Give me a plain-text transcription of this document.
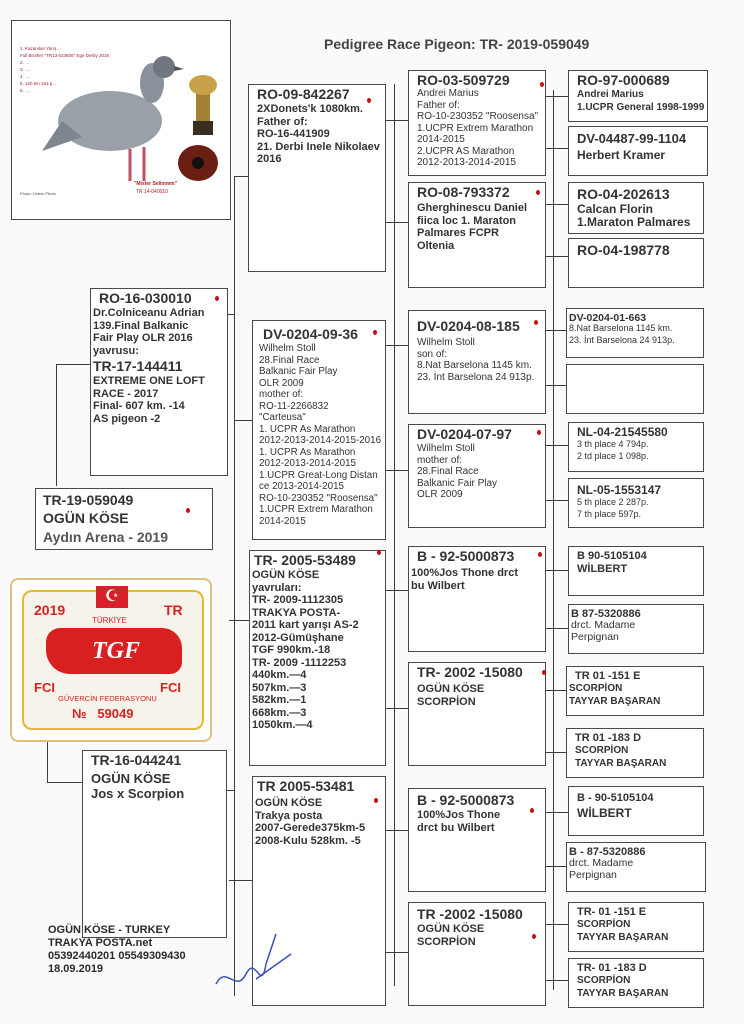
Pedigree Race Pigeon: TR- 2019-059049
1. Kazanılan Yarış…
Full Brother "TR13-023606" Ege Derby 2015
2. …
3. …
4. …
5. 120 km 163 p…
6. …
"Mister Selimmm"
TR 14-040010
Photo: Ozlem Photo
TR-19-059049
OGÜN KÖSE
Aydın Arena - 2019
2019	TR
☪
TÜRKİYE
TGF
FCI	FCI
GÜVERCİN FEDERASYONU
№   59049
RO-16-030010
Dr.Colniceanu Adrian
139.Final Balkanic
Fair Play OLR 2016
yavrusu:
TR-17-144411
EXTREME ONE LOFT
RACE - 2017
Final- 607 km. -14
AS pigeon -2
TR-16-044241
OGÜN KÖSE
Jos x Scorpion
RO-09-842267
2XDonets'k 1080km.
Father of:
RO-16-441909
21. Derbi Inele Nikolaev
2016
DV-0204-09-36
Wilhelm Stoll
28.Final Race
Balkanic Fair Play
OLR 2009
mother of:
RO-11-2266832
"Carteusa"
1. UCPR As Marathon
2012-2013-2014-2015-2016
1. UCPR As Marathon
2012-2013-2014-2015
1.UCPR Great-Long Distan
ce 2013-2014-2015
RO-10-230352 "Roosensa"
1.UCPR Extrem Marathon
2014-2015
TR- 2005-53489
OGÜN KÖSE
yavruları:
TR- 2009-1112305
TRAKYA POSTA-
2011 kart yarışı AS-2
2012-Gümüşhane
TGF 990km.-18
TR- 2009 -1112253
440km.—4
507km.—3
582km.—1
668km.—3
1050km.—4
TR 2005-53481
OGÜN KÖSE
Trakya posta
2007-Gerede375km-5
2008-Kulu 528km. -5
RO-03-509729
Andrei Marius
Father of:
RO-10-230352 "Roosensa"
1.UCPR Extrem Marathon
2014-2015
2.UCPR AS Marathon
2012-2013-2014-2015
RO-08-793372
Gherghinescu Daniel
fiica loc 1. Maraton
Palmares FCPR
Oltenia
DV-0204-08-185
Wilhelm Stoll
son of:
8.Nat Barselona 1145 km.
23. İnt Barselona 24 913p.
DV-0204-07-97
Wilhelm Stoll
mother of:
28.Final Race
Balkanic Fair Play
OLR 2009
B - 92-5000873
100%Jos Thone drct
bu Wilbert
TR- 2002 -15080
OGÜN KÖSE
SCORPİON
B - 92-5000873
100%Jos Thone
drct bu Wilbert
TR -2002 -15080
OGÜN KÖSE
SCORPİON
RO-97-000689
Andrei Marius
1.UCPR General 1998-1999
DV-04487-99-1104
Herbert Kramer
RO-04-202613
Calcan Florin
1.Maraton Palmares
RO-04-198778
DV-0204-01-663
8.Nat Barselona 1145 km.
23. İnt Barselona 24 913p.
NL-04-21545580
3 th place 4 794p.
2 td place 1 098p.
NL-05-1553147
5 th place 2 287p.
7 th place 597p.
B 90-5105104
WİLBERT
B 87-5320886
drct. Madame
Perpignan
TR 01 -151 E
SCORPİON
TAYYAR BAŞARAN
TR 01 -183 D
SCORPİON
TAYYAR BAŞARAN
B - 90-5105104
WİLBERT
B - 87-5320886
drct. Madame
Perpignan
TR- 01 -151 E
SCORPİON
TAYYAR BAŞARAN
TR- 01 -183 D
SCORPİON
TAYYAR BAŞARAN
OGÜN KÖSE - TURKEY
TRAKYA POSTA.net
05392440201 05549309430
18.09.2019
